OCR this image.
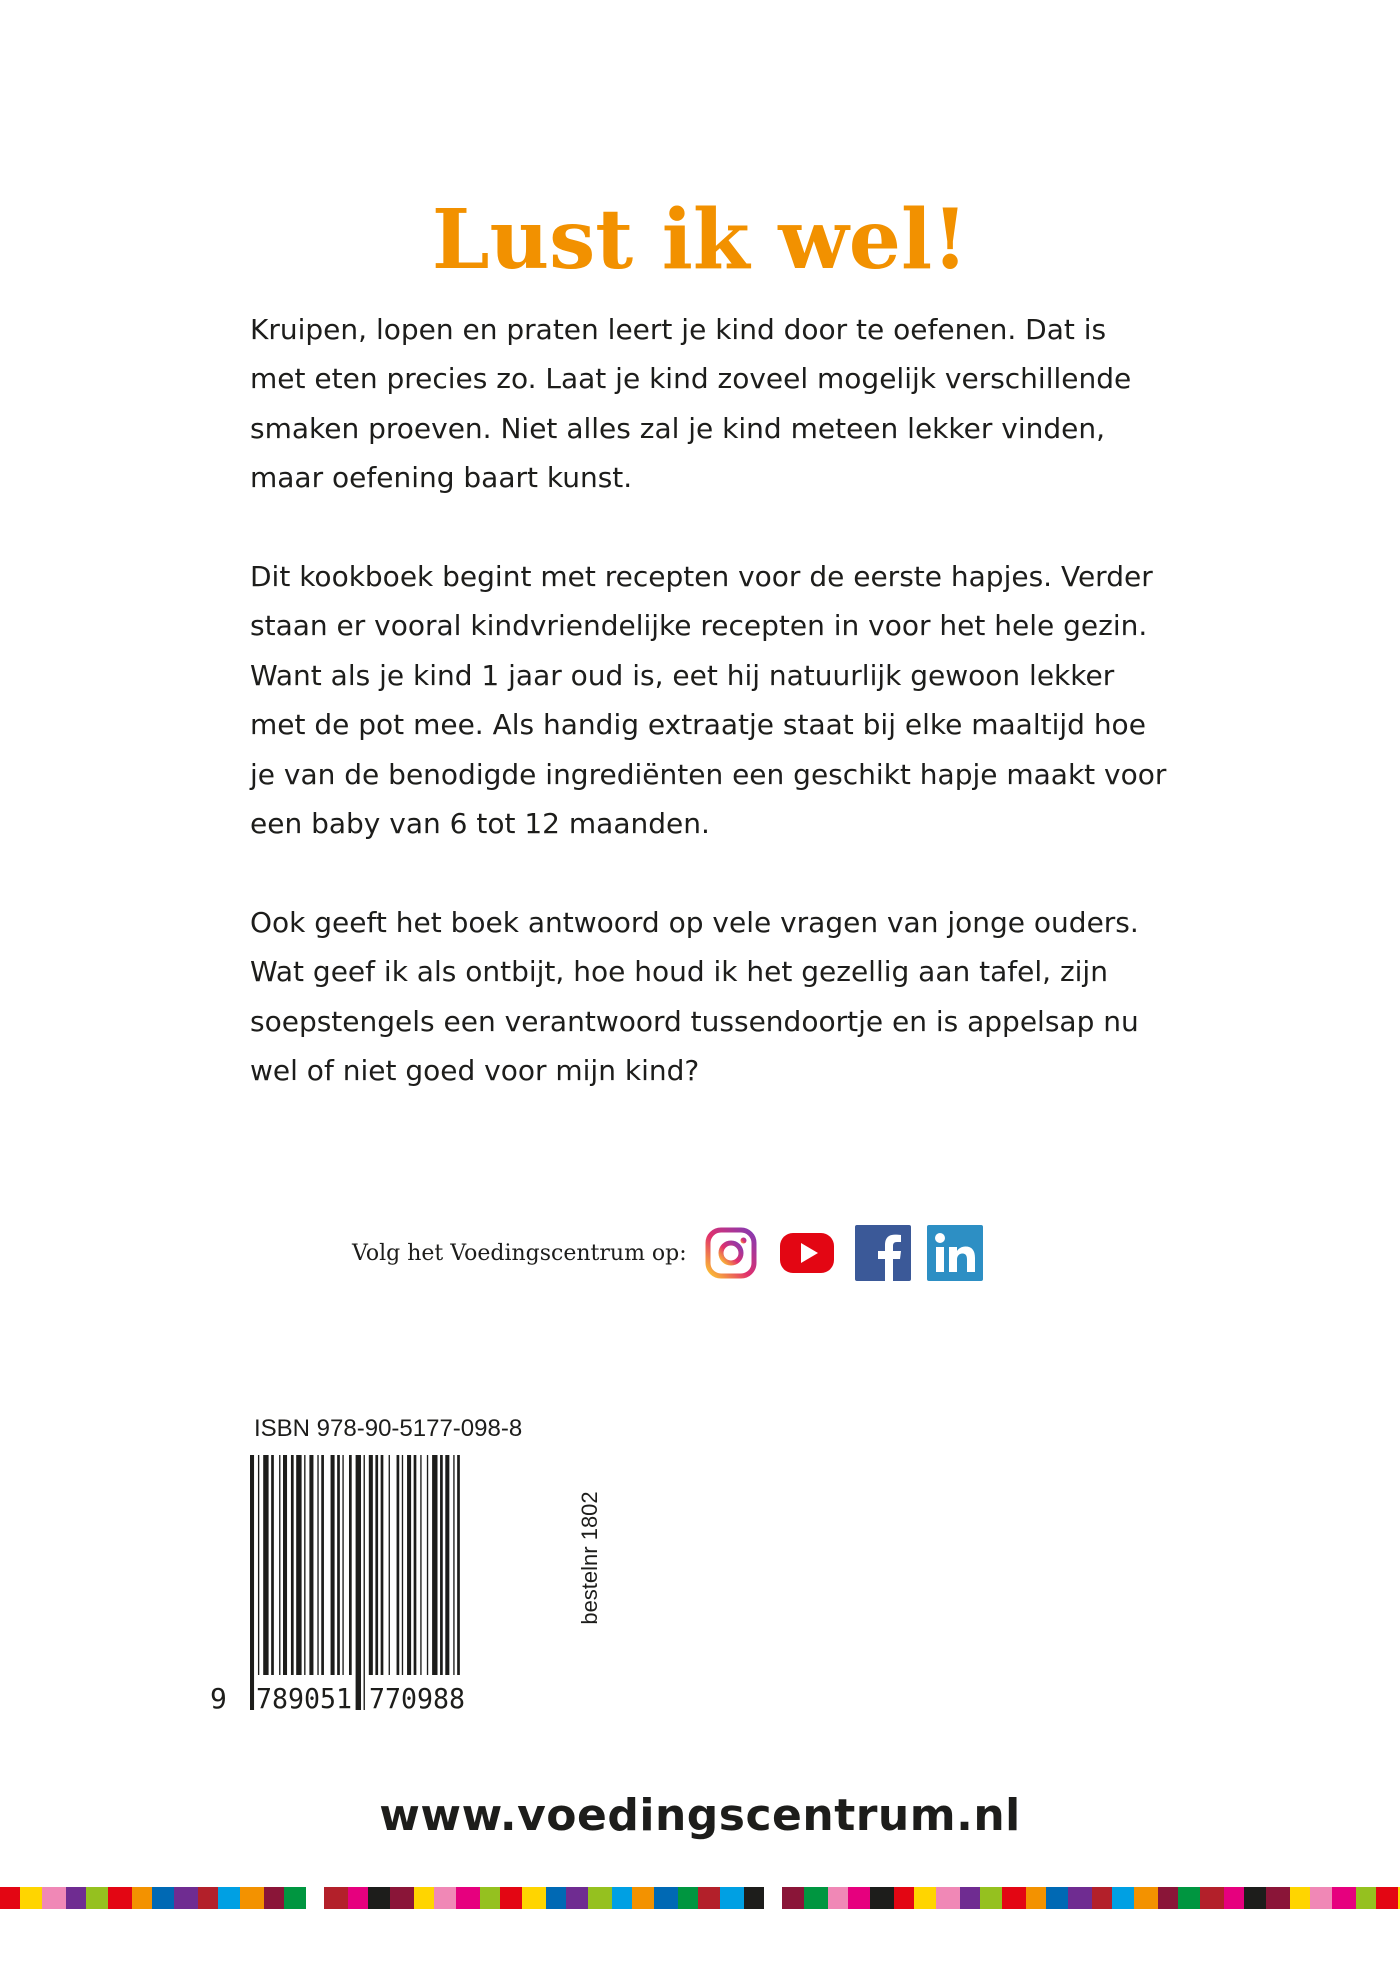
Lust ik wel!

Kruipen, lopen en praten leert je kind door te oefenen. Dat is met eten precies zo. Laat je kind zoveel mogelijk verschillende smaken proeven. Niet alles zal je kind meteen lekker vinden, maar oefening baart kunst.

Dit kookboek begint met recepten voor de eerste hapjes. Verder staan er vooral kindvriendelijke recepten in voor het hele gezin. Want als je kind 1 jaar oud is, eet hij natuurlijk gewoon lekker met de pot mee. Als handig extraatje staat bij elke maaltijd hoe je van de benodigde ingrediënten een geschikt hapje maakt voor een baby van 6 tot 12 maanden.

Ook geeft het boek antwoord op vele vragen van jonge ouders. Wat geef ik als ontbijt, hoe houd ik het gezellig aan tafel, zijn soepstengels een verantwoord tussendoortje en is appelsap nu wel of niet goed voor mijn kind?

Volg het Voedingscentrum op:
ISBN 978-90-5177-098-8
9 789051 770988
bestelnr 1802
www.voedingscentrum.nl
